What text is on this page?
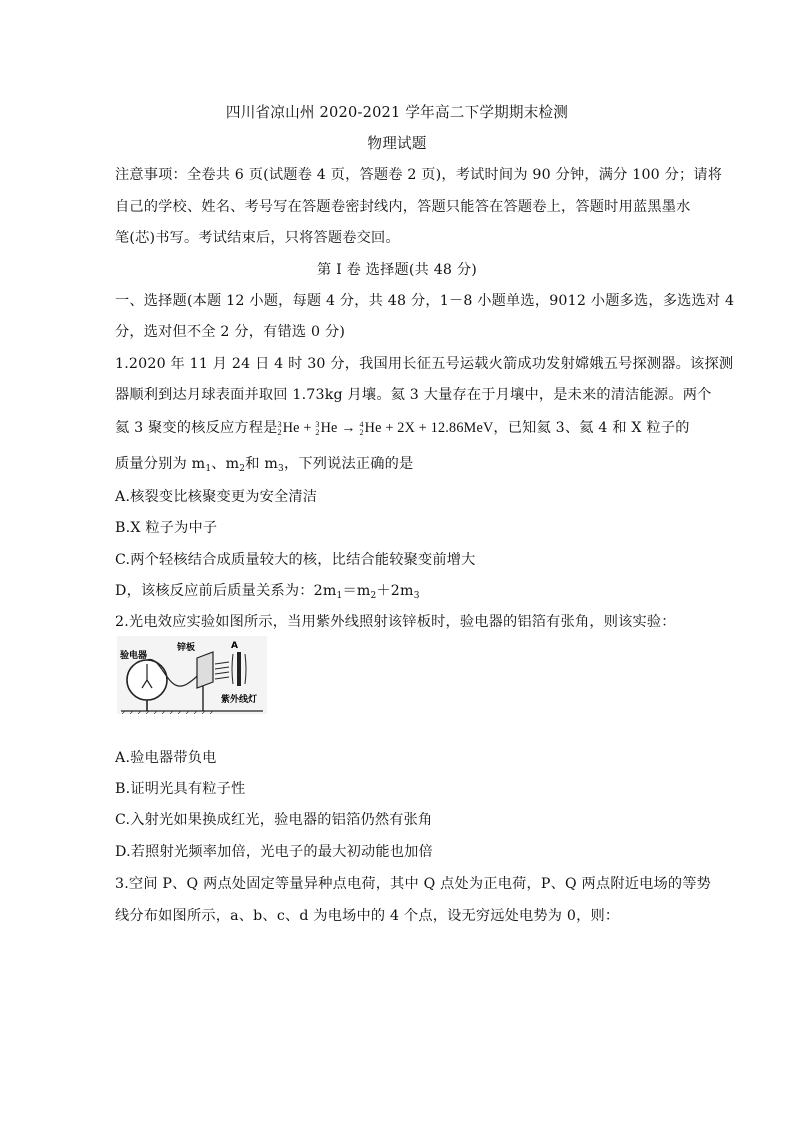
四川省凉山州 2020-2021 学年高二下学期期末检测
物理试题
注意事项：全卷共 6 页(试题卷 4 页，答题卷 2 页)，考试时间为 90 分钟，满分 100 分；请将
自己的学校、姓名、考号写在答题卷密封线内，答题只能答在答题卷上，答题时用蓝黑墨水
笔(芯)书写。考试结束后，只将答题卷交回。
第 I 卷 选择题(共 48 分)
一、选择题(本题 12 小题，每题 4 分，共 48 分，1－8 小题单选，9012 小题多选，多选选对 4
分，选对但不全 2 分，有错选 0 分)
1.2020 年 11 月 24 日 4 时 30 分，我国用长征五号运载火箭成功发射嫦娥五号探测器。该探测
器顺利到达月球表面并取回 1.73kg 月壤。氦 3 大量存在于月壤中，是未来的清洁能源。两个
氦 3 聚变的核反应方程是 3
2 He + 3
2 He → 4
2 He + 2X + 12.86MeV，已知氦 3、氦 4 和 X 粒子的
质量分别为 $m_1$、$m_2$和 $m_3$，下列说法正确的是
A.核裂变比核聚变更为安全清洁
B.X 粒子为中子
C.两个轻核结合成质量较大的核，比结合能较聚变前增大
D，该核反应前后质量关系为：$2m_1=m_2+2m_3$
2.光电效应实验如图所示，当用紫外线照射该锌板时，验电器的铝箔有张角，则该实验：
A
验电器
锌板
紫外线灯
A.验电器带负电
B.证明光具有粒子性
C.入射光如果换成红光，验电器的铝箔仍然有张角
D.若照射光频率加倍，光电子的最大初动能也加倍
3.空间 P、Q 两点处固定等量异种点电荷，其中 Q 点处为正电荷，P、Q 两点附近电场的等势
线分布如图所示，a、b、c、d 为电场中的 4 个点，设无穷远处电势为 0，则：
